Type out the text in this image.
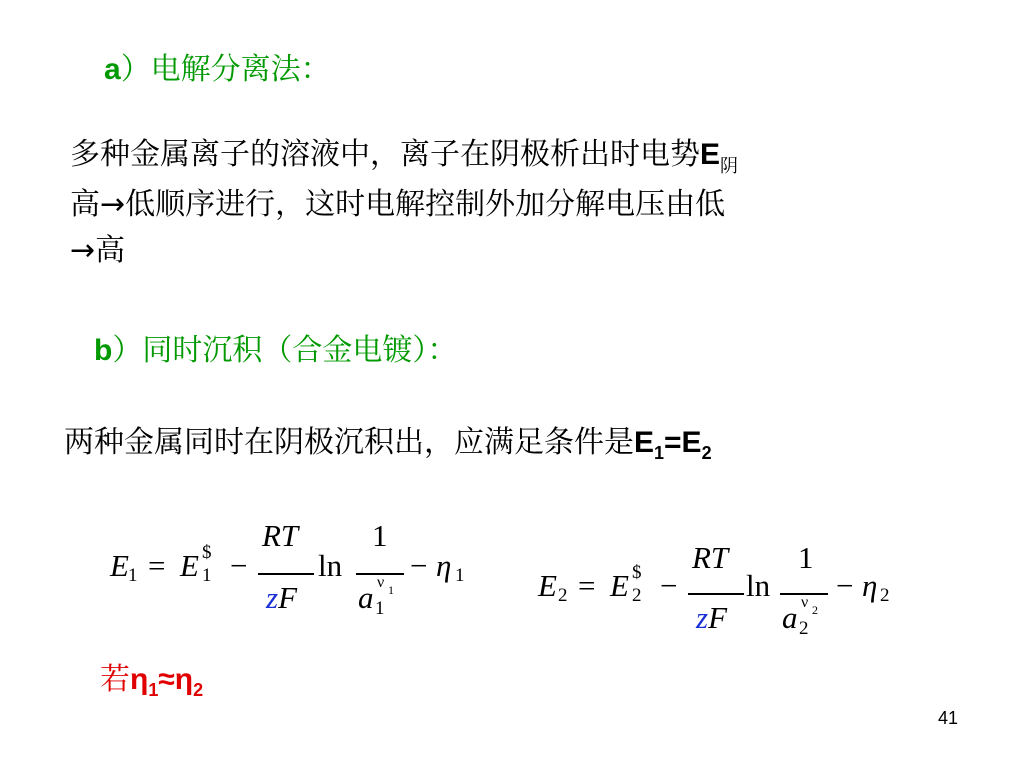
a）电解分离法：
多种金属离子的溶液中，离子在阴极析出时电势$E_阴$
高→低顺序进行，这时电解控制外加分解电压由低
→高
b）同时沉积（合金电镀）：
两种金属同时在阴极沉积出，应满足条件是$E_1=E_2$
E 1 = E $
1 −
RT
zF
ln
1
a ν 1
1
− η 1 E 2 = E $
2 −
RT
zF
ln
1
a ν 2
2
− η 2
若$\eta_1\approx\eta_2$
41
